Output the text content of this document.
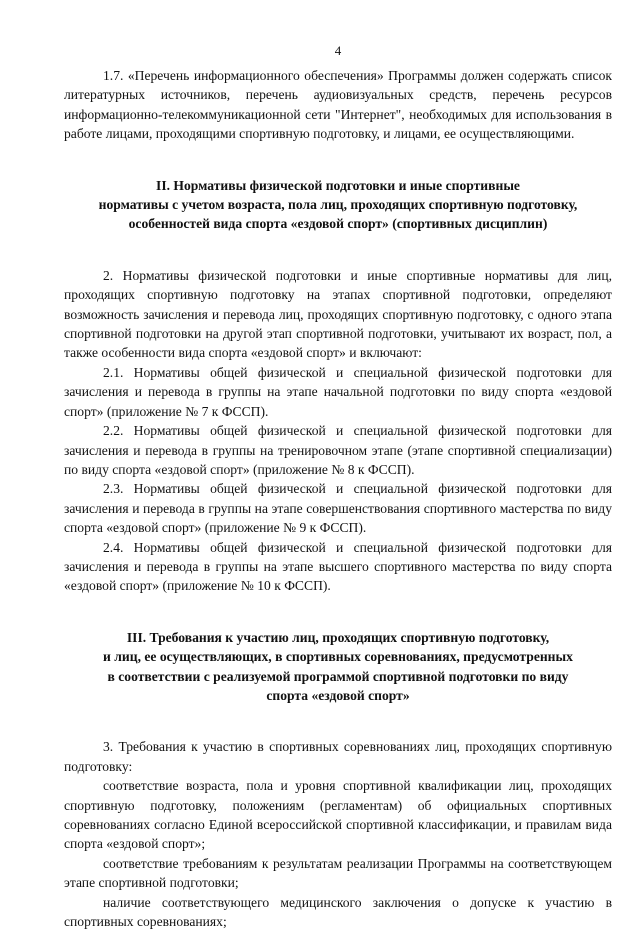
4

1.7. «Перечень информационного обеспечения» Программы должен содержать список литературных источников, перечень аудиовизуальных средств, перечень ресурсов информационно-телекоммуникационной сети "Интернет", необходимых для использования в работе лицами, проходящими спортивную подготовку, и лицами, ее осуществляющими.

II. Нормативы физической подготовки и иные спортивные
нормативы с учетом возраста, пола лиц, проходящих спортивную подготовку,
особенностей вида спорта «ездовой спорт» (спортивных дисциплин)

2. Нормативы физической подготовки и иные спортивные нормативы для лиц, проходящих спортивную подготовку на этапах спортивной подготовки, определяют возможность зачисления и перевода лиц, проходящих спортивную подготовку, с одного этапа спортивной подготовки на другой этап спортивной подготовки, учитывают их возраст, пол, а также особенности вида спорта «ездовой спорт» и включают:

2.1. Нормативы общей физической и специальной физической подготовки для зачисления и перевода в группы на этапе начальной подготовки по виду спорта «ездовой спорт» (приложение № 7 к ФССП).

2.2. Нормативы общей физической и специальной физической подготовки для зачисления и перевода в группы на тренировочном этапе (этапе спортивной специализации) по виду спорта «ездовой спорт» (приложение № 8 к ФССП).

2.3. Нормативы общей физической и специальной физической подготовки для зачисления и перевода в группы на этапе совершенствования спортивного мастерства по виду спорта «ездовой спорт» (приложение № 9 к ФССП).

2.4. Нормативы общей физической и специальной физической подготовки для зачисления и перевода в группы на этапе высшего спортивного мастерства по виду спорта «ездовой спорт» (приложение № 10 к ФССП).

III. Требования к участию лиц, проходящих спортивную подготовку,
и лиц, ее осуществляющих, в спортивных соревнованиях, предусмотренных
в соответствии с реализуемой программой спортивной подготовки по виду
спорта «ездовой спорт»

3. Требования к участию в спортивных соревнованиях лиц, проходящих спортивную подготовку:

соответствие возраста, пола и уровня спортивной квалификации лиц, проходящих спортивную подготовку, положениям (регламентам) об официальных спортивных соревнованиях согласно Единой всероссийской спортивной классификации, и правилам вида спорта «ездовой спорт»;

соответствие требованиям к результатам реализации Программы на соответствующем этапе спортивной подготовки;

наличие соответствующего медицинского заключения о допуске к участию в спортивных соревнованиях;
